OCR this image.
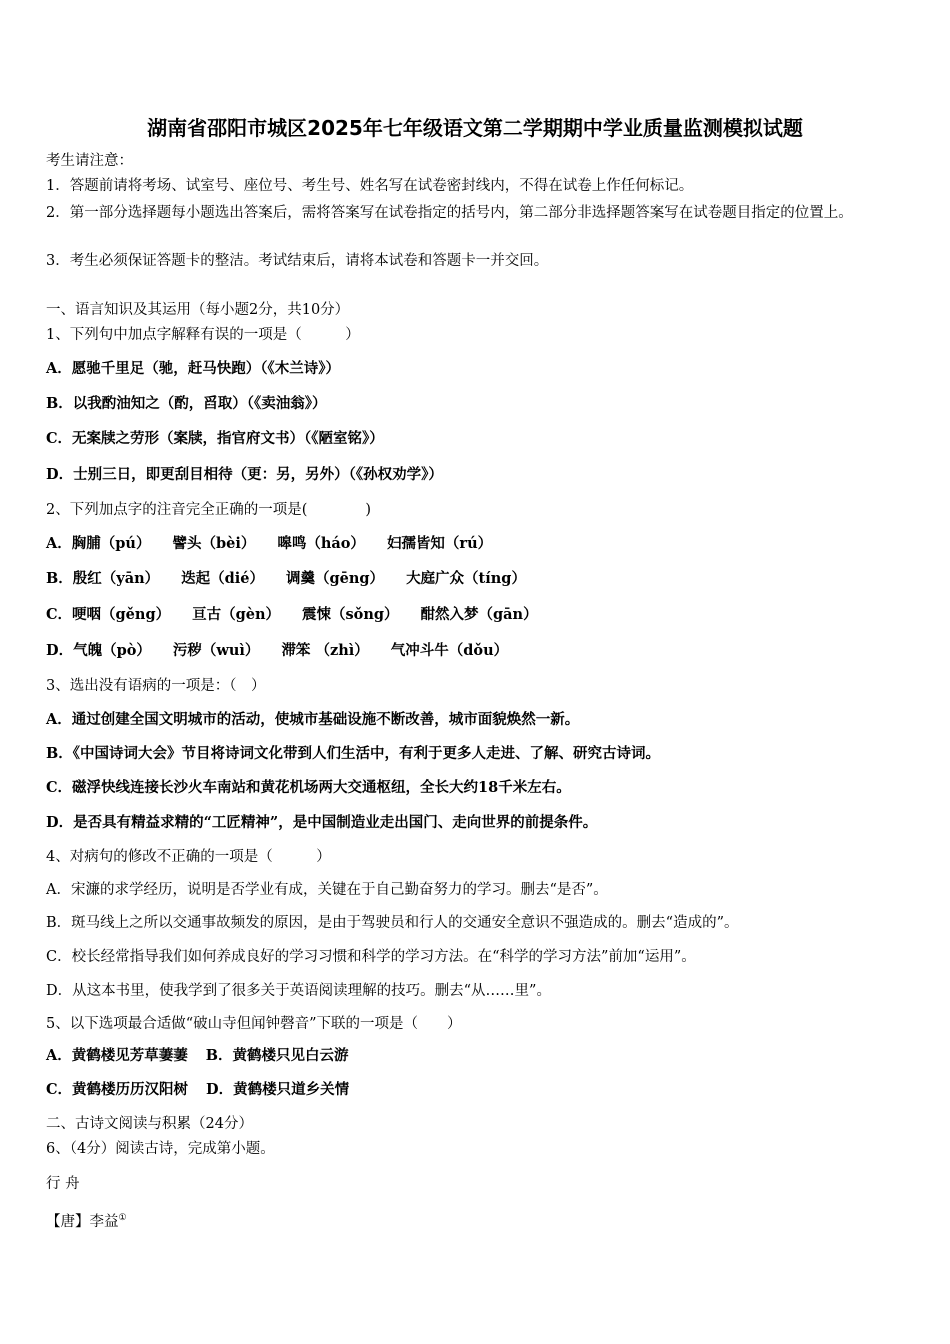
湖南省邵阳市城区2025年七年级语文第二学期期中学业质量监测模拟试题
考生请注意：
1．答题前请将考场、试室号、座位号、考生号、姓名写在试卷密封线内，不得在试卷上作任何标记。
2．第一部分选择题每小题选出答案后，需将答案写在试卷指定的括号内，第二部分非选择题答案写在试卷题目指定的位置上。
3．考生必须保证答题卡的整洁。考试结束后，请将本试卷和答题卡一并交回。
一、语言知识及其运用（每小题2分，共10分）
1、下列句中加点字解释有误的一项是（　　　）
A．愿驰千里足（驰，赶马快跑）（《木兰诗》）
B．以我酌油知之（酌，舀取）（《卖油翁》）
C．无案牍之劳形（案牍，指官府文书）（《陋室铭》）
D．士别三日，即更刮目相待（更：另，另外）（《孙权劝学》）
2、下列加点字的注音完全正确的一项是(　　　　)
A．胸脯（pú） 譬头（bèi） 嗥鸣（háo） 妇孺皆知（rú）
B．殷红（yān） 迭起（dié） 调羹（gēng） 大庭广众（tíng）
C．哽咽（gěng） 亘古（gèn） 震悚（sǒng） 酣然入梦（gān）
D．气魄（pò） 污秽（wuì） 滞笨 （zhì） 气冲斗牛（dǒu）
3、选出没有语病的一项是：（　）
A．通过创建全国文明城市的活动，使城市基础设施不断改善，城市面貌焕然一新。
B．《中国诗词大会》节目将诗词文化带到人们生活中，有利于更多人走进、了解、研究古诗词。
C．磁浮快线连接长沙火车南站和黄花机场两大交通枢纽，全长大约18千米左右。
D．是否具有精益求精的“工匠精神”，是中国制造业走出国门、走向世界的前提条件。
4、对病句的修改不正确的一项是（　　　）
A．宋濂的求学经历，说明是否学业有成，关键在于自己勤奋努力的学习。删去“是否”。
B．斑马线上之所以交通事故频发的原因，是由于驾驶员和行人的交通安全意识不强造成的。删去“造成的”。
C．校长经常指导我们如何养成良好的学习习惯和科学的学习方法。在“科学的学习方法”前加“运用”。
D．从这本书里，使我学到了很多关于英语阅读理解的技巧。删去“从……里”。
5、以下选项最合适做“破山寺但闻钟磬音”下联的一项是（　　）
A．黄鹤楼见芳草萋萋 B．黄鹤楼只见白云游
C．黄鹤楼历历汉阳树 D．黄鹤楼只道乡关情
二、古诗文阅读与积累（24分）
6、（4分）阅读古诗，完成第小题。
行 舟
【唐】李益①
